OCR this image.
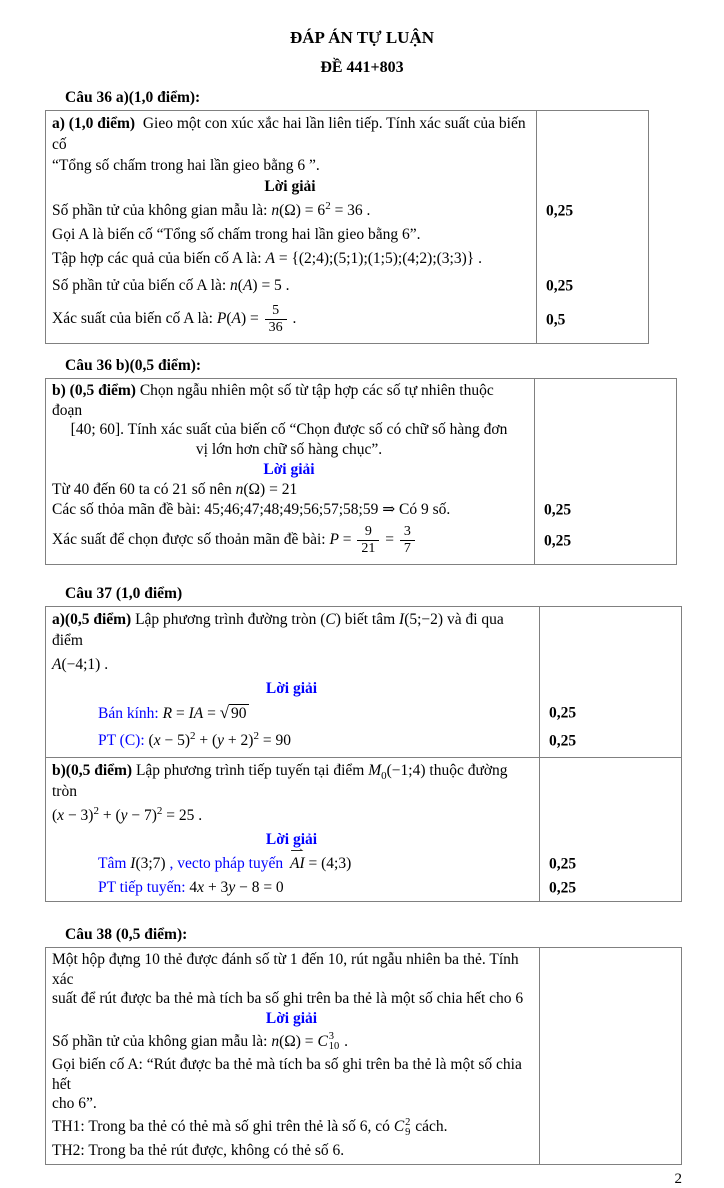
ĐÁP ÁN TỰ LUẬN
ĐỀ 441+803
Câu 36 a)(1,0 điểm):
a) (1,0 điểm)  Gieo một con xúc xắc hai lần liên tiếp. Tính xác suất của biến cố
“Tổng số chấm trong hai lần gieo bằng 6 ”.
Lời giải
Số phần tử của không gian mẫu là: $n(\Omega) = 6^2 = 36$ .	0,25
Gọi A là biến cố “Tổng số chấm trong hai lần gieo bằng 6”.
Tập hợp các quả của biến cố A là: A = {(2;4);(5;1);(1;5);(4;2);(3;3)} .
Số phần tử của biến cố A là: n(A) = 5 .	0,25
Xác suất của biến cố A là: $P(A) = \frac{5}{36}$ .	0,5
Câu 36 b)(0,5 điểm):
b) (0,5 điểm) Chọn ngẫu nhiên một số từ tập hợp các số tự nhiên thuộc đoạn
[40; 60]. Tính xác suất của biến cố “Chọn được số có chữ số hàng đơn
vị lớn hơn chữ số hàng chục”.
Lời giải
Từ 40 đến 60 ta có 21 số nên n(Ω) = 21
Các số thỏa mãn đề bài: 45;46;47;48;49;56;57;58;59 ⇒ Có 9 số.	0,25
Xác suất để chọn được số thoản mãn đề bài: $P = \frac{9}{21} = \frac{3}{7}$	0,25
Câu 37 (1,0 điểm)
a)(0,5 điểm) Lập phương trình đường tròn (C) biết tâm I(5;−2) và đi qua điểm
A(−4;1) .
Lời giải
Bán kính: R = IA = √ 90	0,25
PT (C): $(x - 5)^2 + (y + 2)^2 = 90$	0,25
b)(0,5 điểm) Lập phương trình tiếp tuyến tại điểm $M_0(-1;4)$ thuộc đường tròn
$(x - 3)^2 + (y - 7)^2 = 25$ .
Lời giải
Tâm I(3;7) , vecto pháp tuyến ⇀ AI = (4;3)	0,25
PT tiếp tuyến: 4x + 3y − 8 = 0	0,25
Câu 38 (0,5 điểm):
Một hộp đựng 10 thẻ được đánh số từ 1 đến 10, rút ngẫu nhiên ba thẻ. Tính xác
suất để rút được ba thẻ mà tích ba số ghi trên ba thẻ là một số chia hết cho 6
Lời giải
Số phần tử của không gian mẫu là: n(Ω) = C 3
10 .
Gọi biến cố A: “Rút được ba thẻ mà tích ba số ghi trên ba thẻ là một số chia hết
cho 6”.
TH1: Trong ba thẻ có thẻ mà số ghi trên thẻ là số 6, có C 2
9 cách.
TH2: Trong ba thẻ rút được, không có thẻ số 6.
2
